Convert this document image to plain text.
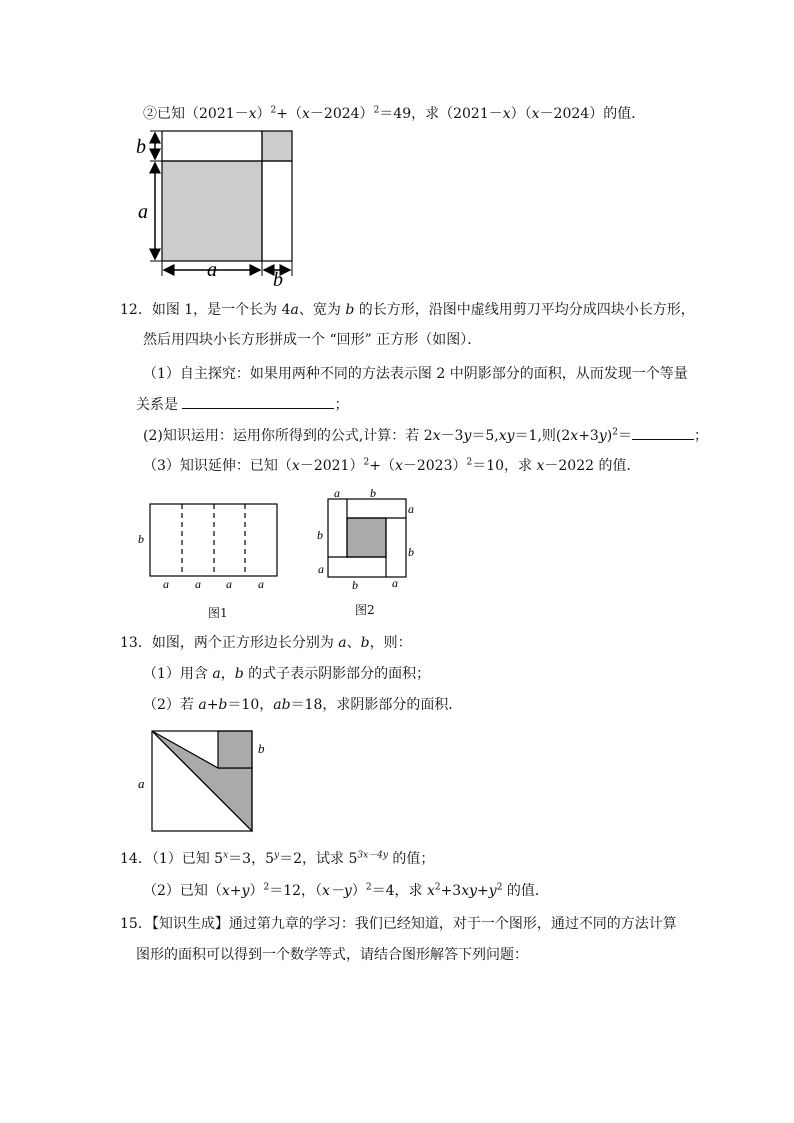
②已知$(2021-x)^2+(x-2024)^2=49$，求（2021－x）（x－2024）的值．
b
a
a	b
12．如图 1，是一个长为 4a、宽为 b 的长方形，沿图中虚线用剪刀平均分成四块小长方形，
然后用四块小长方形拼成一个 “回形” 正方形（如图）．
（1）自主探究：如果用两种不同的方法表示图 2 中阴影部分的面积，从而发现一个等量
关系是	；
(2)知识运用：运用你所得到的公式,计算：若 2x－3y＝5,xy＝1,则$(2x+3y)^2=$	；
（3）知识延伸：已知$(x-2021)^2+(x-2023)^2=10$，求 x－2022 的值．
b
a a a a
图1
a	b
a
b
b
a
b	a
图2
13．如图，两个正方形边长分别为 a、b，则：
（1）用含 a，b 的式子表示阴影部分的面积；
（2）若 a+b＝10，ab＝18，求阴影部分的面积．
a
b
14．（1）已知 $5^x=3$，$5^y=2$，试求 $5^{3x-4y}$ 的值；
（2）已知$(x+y)^2=12$，$(x-y)^2=4$，求 $x^2+3xy+y^2$ 的值．
15．【知识生成】通过第九章的学习：我们已经知道，对于一个图形，通过不同的方法计算
图形的面积可以得到一个数学等式，请结合图形解答下列问题：
